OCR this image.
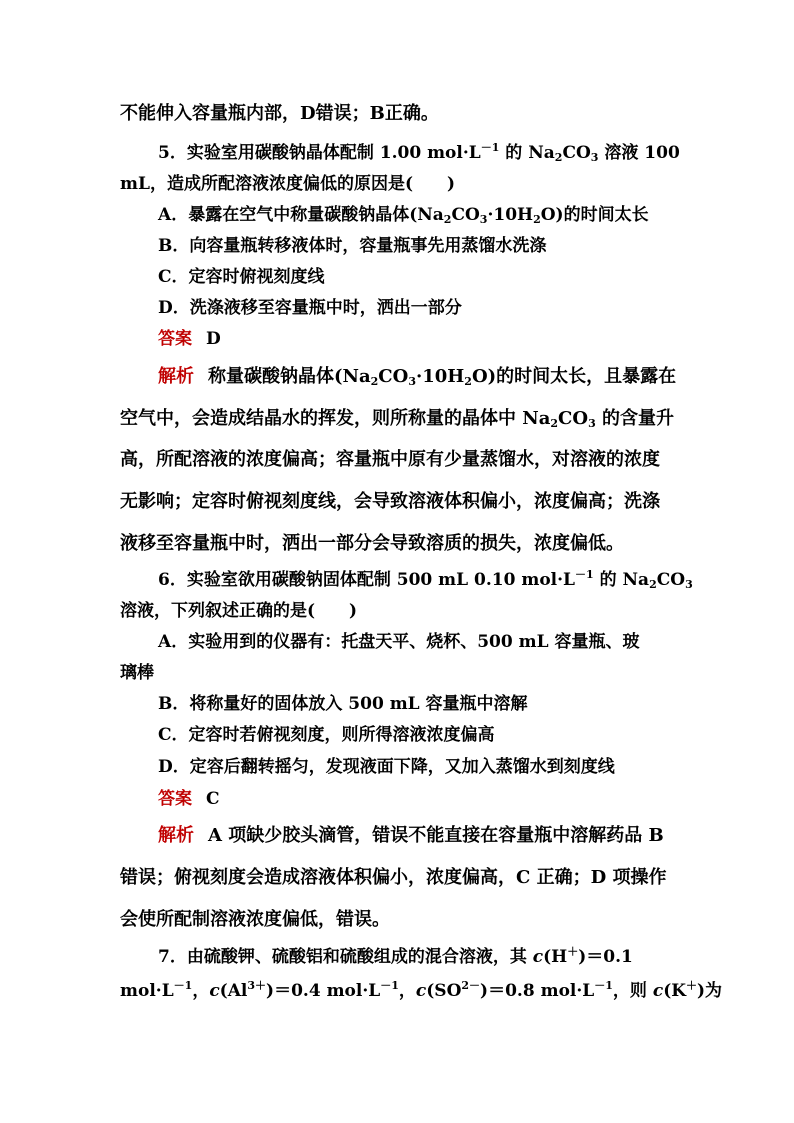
不能伸入容量瓶内部，D错误；B正确。
5．实验室用碳酸钠晶体配制 1.00 $mol\cdot L^{-1}$ 的 $Na_2CO_3$ 溶液 100
mL，造成所配溶液浓度偏低的原因是(　　)
A．暴露在空气中称量碳酸钠晶体$(Na_2CO_3\cdot 10H_2O)$的时间太长
B．向容量瓶转移液体时，容量瓶事先用蒸馏水洗涤
C．定容时俯视刻度线
D．洗涤液移至容量瓶中时，洒出一部分
答案 D
解析 称量碳酸钠晶体$(Na_2CO_3\cdot 10H_2O)$的时间太长，且暴露在
空气中，会造成结晶水的挥发，则所称量的晶体中 $Na_2CO_3$ 的含量升
高，所配溶液的浓度偏高；容量瓶中原有少量蒸馏水，对溶液的浓度
无影响；定容时俯视刻度线，会导致溶液体积偏小，浓度偏高；洗涤
液移至容量瓶中时，洒出一部分会导致溶质的损失，浓度偏低。
6．实验室欲用碳酸钠固体配制 500 mL 0.10 $mol\cdot L^{-1}$ 的 $Na_2CO_3$
溶液，下列叙述正确的是(　　)
A．实验用到的仪器有：托盘天平、烧杯、500 mL 容量瓶、玻
璃棒
B．将称量好的固体放入 500 mL 容量瓶中溶解
C．定容时若俯视刻度，则所得溶液浓度偏高
D．定容后翻转摇匀，发现液面下降，又加入蒸馏水到刻度线
答案 C
解析 A 项缺少胶头滴管，错误不能直接在容量瓶中溶解药品 B
错误；俯视刻度会造成溶液体积偏小，浓度偏高，C 正确；D 项操作
会使所配制溶液浓度偏低，错误。
7．由硫酸钾、硫酸铝和硫酸组成的混合溶液，其 c(H＋)＝0.1
$mol\cdot L^{-1}$，$c(Al^{3+})=0.4$ $mol\cdot L^{-1}$，$c(SO^{2-})=0.8$ $mol\cdot L^{-1}$，则 c(K＋)为
